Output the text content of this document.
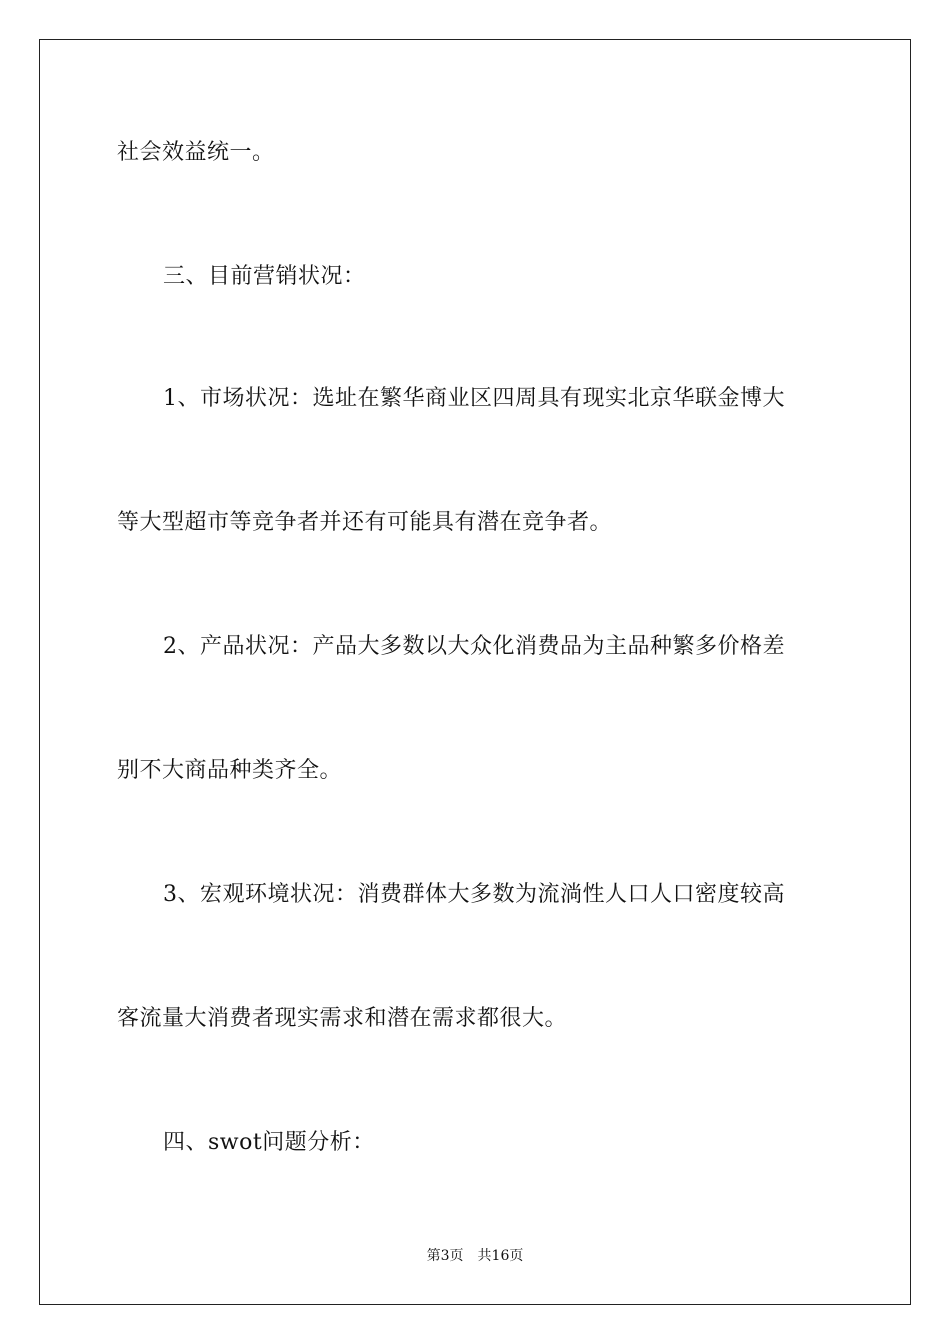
社会效益统一。
三、目前营销状况：
1、市场状况：选址在繁华商业区四周具有现实北京华联金博大
等大型超市等竞争者并还有可能具有潜在竞争者。
2、产品状况：产品大多数以大众化消费品为主品种繁多价格差
别不大商品种类齐全。
3、宏观环境状况：消费群体大多数为流淌性人口人口密度较高
客流量大消费者现实需求和潜在需求都很大。
四、swot问题分析：
第3页 共16页
